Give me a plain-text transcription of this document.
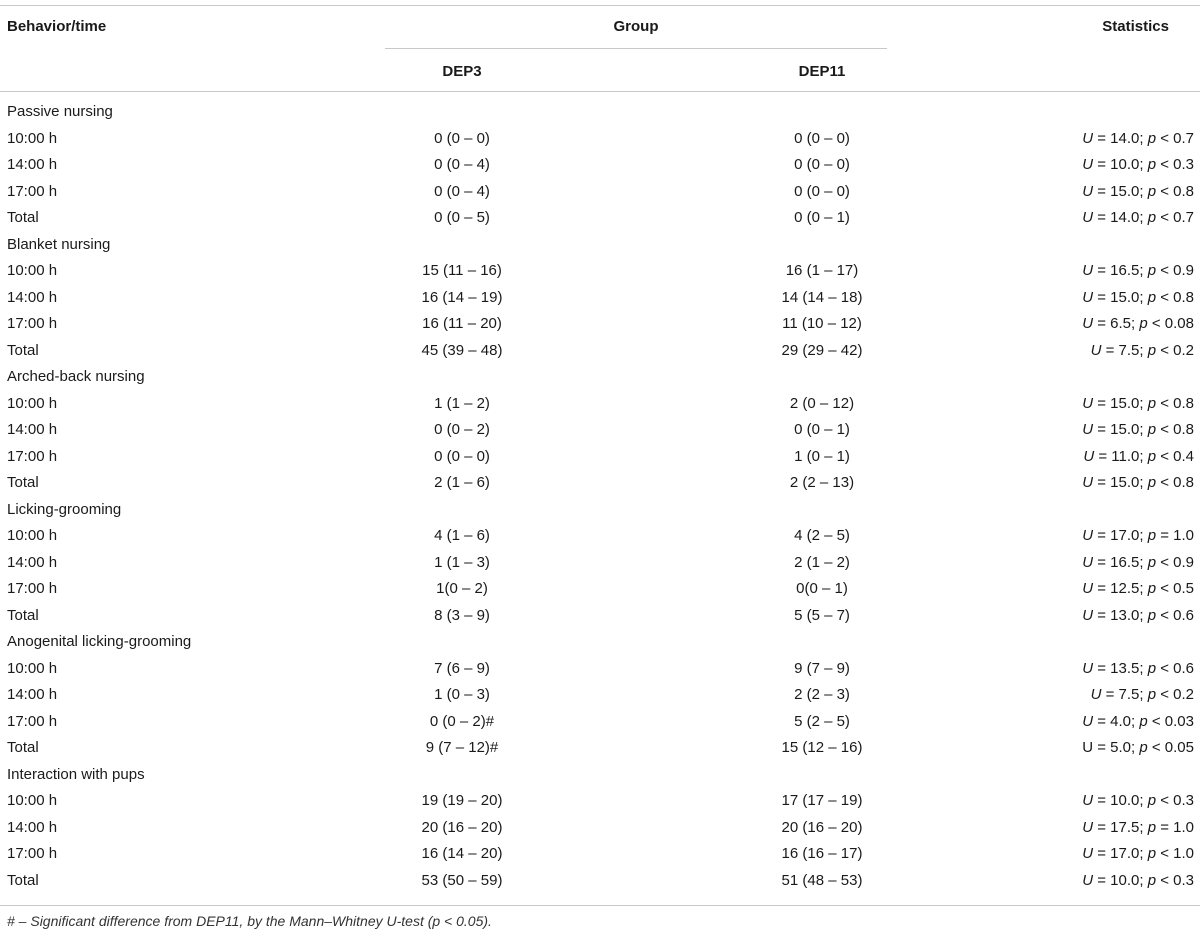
Behavior/time	Group	Statistics
DEP3	DEP11
Passive nursing
10:00 h	0 (0 – 0)	0 (0 – 0)	U = 14.0; p < 0.7
14:00 h	0 (0 – 4)	0 (0 – 0)	U = 10.0; p < 0.3
17:00 h	0 (0 – 4)	0 (0 – 0)	U = 15.0; p < 0.8
Total	0 (0 – 5)	0 (0 – 1)	U = 14.0; p < 0.7
Blanket nursing
10:00 h	15 (11 – 16)	16 (1 – 17)	U = 16.5; p < 0.9
14:00 h	16 (14 – 19)	14 (14 – 18)	U = 15.0; p < 0.8
17:00 h	16 (11 – 20)	11 (10 – 12)	U = 6.5; p < 0.08
Total	45 (39 – 48)	29 (29 – 42)	U = 7.5; p < 0.2
Arched-back nursing
10:00 h	1 (1 – 2)	2 (0 – 12)	U = 15.0; p < 0.8
14:00 h	0 (0 – 2)	0 (0 – 1)	U = 15.0; p < 0.8
17:00 h	0 (0 – 0)	1 (0 – 1)	U = 11.0; p < 0.4
Total	2 (1 – 6)	2 (2 – 13)	U = 15.0; p < 0.8
Licking-grooming
10:00 h	4 (1 – 6)	4 (2 – 5)	U = 17.0; p = 1.0
14:00 h	1 (1 – 3)	2 (1 – 2)	U = 16.5; p < 0.9
17:00 h	1(0 – 2)	0(0 – 1)	U = 12.5; p < 0.5
Total	8 (3 – 9)	5 (5 – 7)	U = 13.0; p < 0.6
Anogenital licking-grooming
10:00 h	7 (6 – 9)	9 (7 – 9)	U = 13.5; p < 0.6
14:00 h	1 (0 – 3)	2 (2 – 3)	U = 7.5; p < 0.2
17:00 h	0 (0 – 2)#	5 (2 – 5)	U = 4.0; p < 0.03
Total	9 (7 – 12)#	15 (12 – 16)	U = 5.0; p < 0.05
Interaction with pups
10:00 h	19 (19 – 20)	17 (17 – 19)	U = 10.0; p < 0.3
14:00 h	20 (16 – 20)	20 (16 – 20)	U = 17.5; p = 1.0
17:00 h	16 (14 – 20)	16 (16 – 17)	U = 17.0; p < 1.0
Total	53 (50 – 59)	51 (48 – 53)	U = 10.0; p < 0.3
# – Significant difference from DEP11, by the Mann–Whitney U-test (p < 0.05).
